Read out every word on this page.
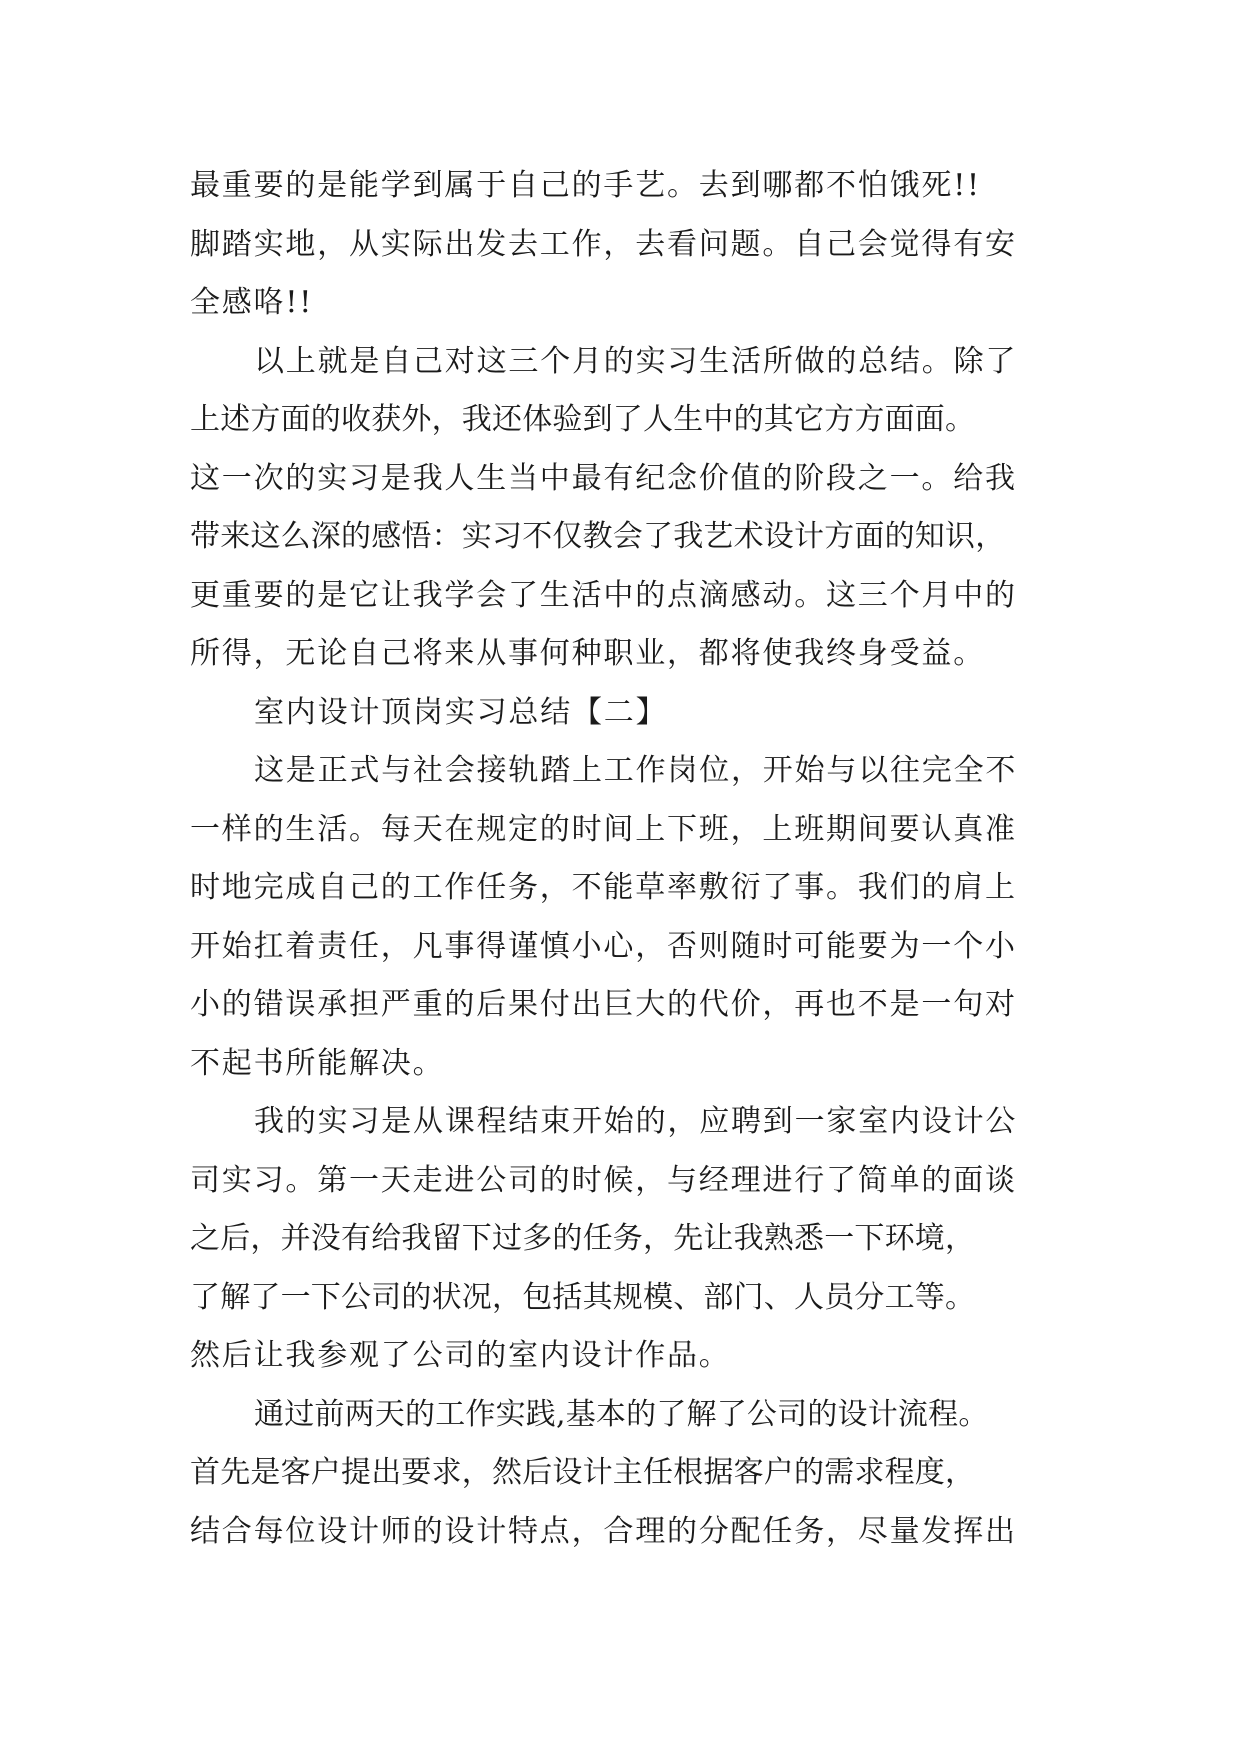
最重要的是能学到属于自己的手艺。去到哪都不怕饿死!!
脚踏实地，从实际出发去工作，去看问题。自己会觉得有安
全感咯!!
以上就是自己对这三个月的实习生活所做的总结。除了
上述方面的收获外，我还体验到了人生中的其它方方面面。
这一次的实习是我人生当中最有纪念价值的阶段之一。给我
带来这么深的感悟：实习不仅教会了我艺术设计方面的知识，
更重要的是它让我学会了生活中的点滴感动。这三个月中的
所得，无论自己将来从事何种职业，都将使我终身受益。
室内设计顶岗实习总结【二】
这是正式与社会接轨踏上工作岗位，开始与以往完全不
一样的生活。每天在规定的时间上下班，上班期间要认真准
时地完成自己的工作任务，不能草率敷衍了事。我们的肩上
开始扛着责任，凡事得谨慎小心，否则随时可能要为一个小
小的错误承担严重的后果付出巨大的代价，再也不是一句对
不起书所能解决。
我的实习是从课程结束开始的，应聘到一家室内设计公
司实习。第一天走进公司的时候，与经理进行了简单的面谈
之后，并没有给我留下过多的任务，先让我熟悉一下环境，
了解了一下公司的状况，包括其规模、部门、人员分工等。
然后让我参观了公司的室内设计作品。
通过前两天的工作实践,基本的了解了公司的设计流程。
首先是客户提出要求，然后设计主任根据客户的需求程度，
结合每位设计师的设计特点，合理的分配任务，尽量发挥出
